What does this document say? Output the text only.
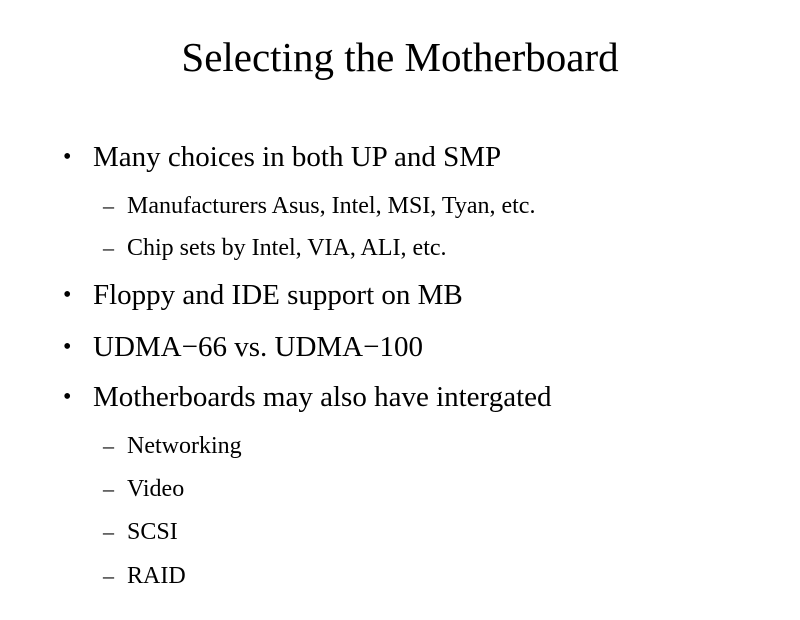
Selecting the Motherboard
• Many choices in both UP and SMP
– Manufacturers Asus, Intel, MSI, Tyan, etc.
– Chip sets by Intel, VIA, ALI, etc.
• Floppy and IDE support on MB
• UDMA−66 vs. UDMA−100
• Motherboards may also have intergated
– Networking
– Video
– SCSI
– RAID
